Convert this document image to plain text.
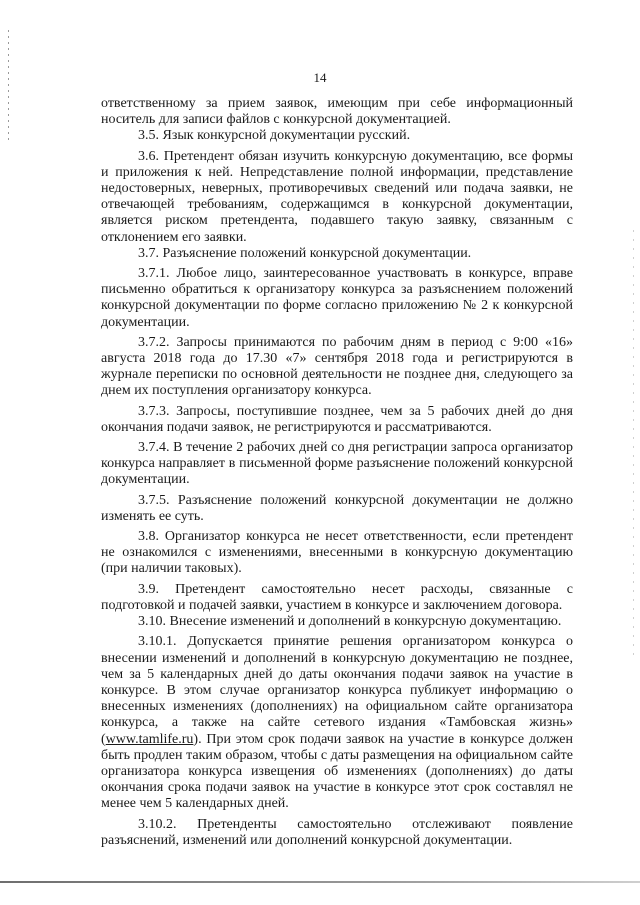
14

ответственному за прием заявок, имеющим при себе информационный носитель для записи файлов с конкурсной документацией.

3.5. Язык конкурсной документации русский.

3.6. Претендент обязан изучить конкурсную документацию, все формы и приложения к ней. Непредставление полной информации, представление недостоверных, неверных, противоречивых сведений или подача заявки, не отвечающей требованиям, содержащимся в конкурсной документации, является риском претендента, подавшего такую заявку, связанным с отклонением его заявки.

3.7. Разъяснение положений конкурсной документации.

3.7.1. Любое лицо, заинтересованное участвовать в конкурсе, вправе письменно обратиться к организатору конкурса за разъяснением положений конкурсной документации по форме согласно приложению № 2 к конкурсной документации.

3.7.2. Запросы принимаются по рабочим дням в период с 9:00 «16» августа 2018 года до 17.30 «7» сентября 2018 года и регистрируются в журнале переписки по основной деятельности не позднее дня, следующего за днем их поступления организатору конкурса.

3.7.3. Запросы, поступившие позднее, чем за 5 рабочих дней до дня окончания подачи заявок, не регистрируются и рассматриваются.

3.7.4. В течение 2 рабочих дней со дня регистрации запроса организатор конкурса направляет в письменной форме разъяснение положений конкурсной документации.

3.7.5. Разъяснение положений конкурсной документации не должно изменять ее суть.

3.8. Организатор конкурса не несет ответственности, если претендент не ознакомился с изменениями, внесенными в конкурсную документацию (при наличии таковых).

3.9. Претендент самостоятельно несет расходы, связанные с подготовкой и подачей заявки, участием в конкурсе и заключением договора.

3.10. Внесение изменений и дополнений в конкурсную документацию.

3.10.1. Допускается принятие решения организатором конкурса о внесении изменений и дополнений в конкурсную документацию не позднее, чем за 5 календарных дней до даты окончания подачи заявок на участие в конкурсе. В этом случае организатор конкурса публикует информацию о внесенных изменениях (дополнениях) на официальном сайте организатора конкурса, а также на сайте сетевого издания «Тамбовская жизнь» (www.tamlife.ru). При этом срок подачи заявок на участие в конкурсе должен быть продлен таким образом, чтобы с даты размещения на официальном сайте организатора конкурса извещения об изменениях (дополнениях) до даты окончания срока подачи заявок на участие в конкурсе этот срок составлял не менее чем 5 календарных дней.

3.10.2. Претенденты самостоятельно отслеживают появление разъяснений, изменений или дополнений конкурсной документации.
